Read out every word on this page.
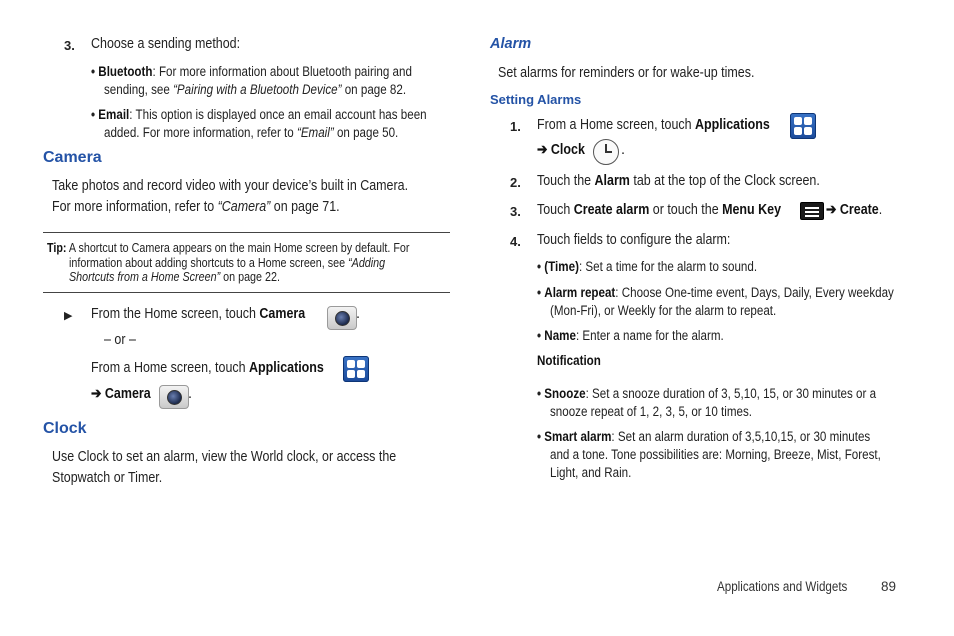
3. Choose a sending method:
• Bluetooth: For more information about Bluetooth pairing and
sending, see “Pairing with a Bluetooth Device” on page 82.
• Email: This option is displayed once an email account has been
added. For more information, refer to “Email” on page 50.
Camera
Take photos and record video with your device’s built in Camera.
For more information, refer to “Camera” on page 71.
Tip: A shortcut to Camera appears on the main Home screen by default. For
information about adding shortcuts to a Home screen, see “Adding
Shortcuts from a Home Screen” on page 22.
▶ From the Home screen, touch Camera	.
– or –
From a Home screen, touch Applications
➔ Camera	.
Clock
Use Clock to set an alarm, view the World clock, or access the
Stopwatch or Timer.
Alarm
Set alarms for reminders or for wake-up times.
Setting Alarms
1. From a Home screen, touch Applications
➔ Clock .
2. Touch the Alarm tab at the top of the Clock screen.
3. Touch Create alarm or touch the Menu Key	➔ Create.
4. Touch fields to configure the alarm:
• (Time): Set a time for the alarm to sound.
• Alarm repeat: Choose One-time event, Days, Daily, Every weekday
(Mon-Fri), or Weekly for the alarm to repeat.
• Name: Enter a name for the alarm.
Notification
• Snooze: Set a snooze duration of 3, 5,10, 15, or 30 minutes or a
snooze repeat of 1, 2, 3, 5, or 10 times.
• Smart alarm: Set an alarm duration of 3,5,10,15, or 30 minutes
and a tone. Tone possibilities are: Morning, Breeze, Mist, Forest,
Light, and Rain.
Applications and Widgets 89
